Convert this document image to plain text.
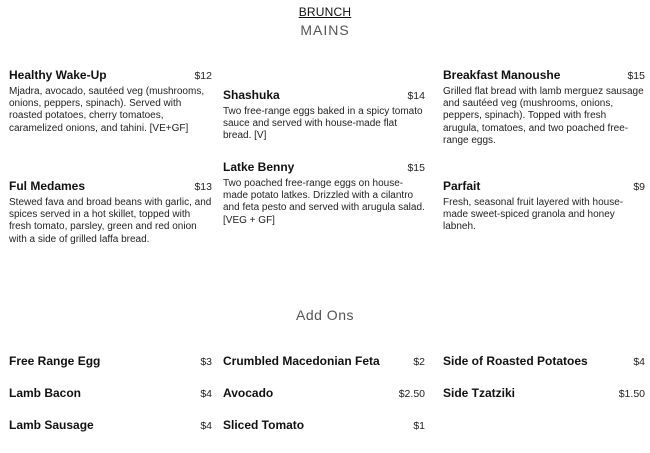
BRUNCH
MAINS
Healthy Wake-Up	$12
Mjadra, avocado, sautéed veg (mushrooms, onions, peppers, spinach). Served with roasted potatoes, cherry tomatoes, caramelized onions, and tahini. [VE+GF]
Ful Medames	$13
Stewed fava and broad beans with garlic, and spices served in a hot skillet, topped with fresh tomato, parsley, green and red onion with a side of grilled laffa bread.
Shashuka	$14
Two free-range eggs baked in a spicy tomato sauce and served with house-made flat bread. [V]
Latke Benny	$15
Two poached free-range eggs on house-made potato latkes. Drizzled with a cilantro and feta pesto and served with arugula salad. [VEG + GF]
Breakfast Manoushe	$15
Grilled flat bread with lamb merguez sausage and sautéed veg (mushrooms, onions, peppers, spinach). Topped with fresh arugula, tomatoes, and two poached free-range eggs.
Parfait	$9
Fresh, seasonal fruit layered with house-made sweet-spiced granola and honey labneh.
Add Ons
Free Range Egg	$3
Lamb Bacon	$4
Lamb Sausage	$4
Crumbled Macedonian Feta	$2
Avocado	$2.50
Sliced Tomato	$1
Side of Roasted Potatoes	$4
Side Tzatziki	$1.50
